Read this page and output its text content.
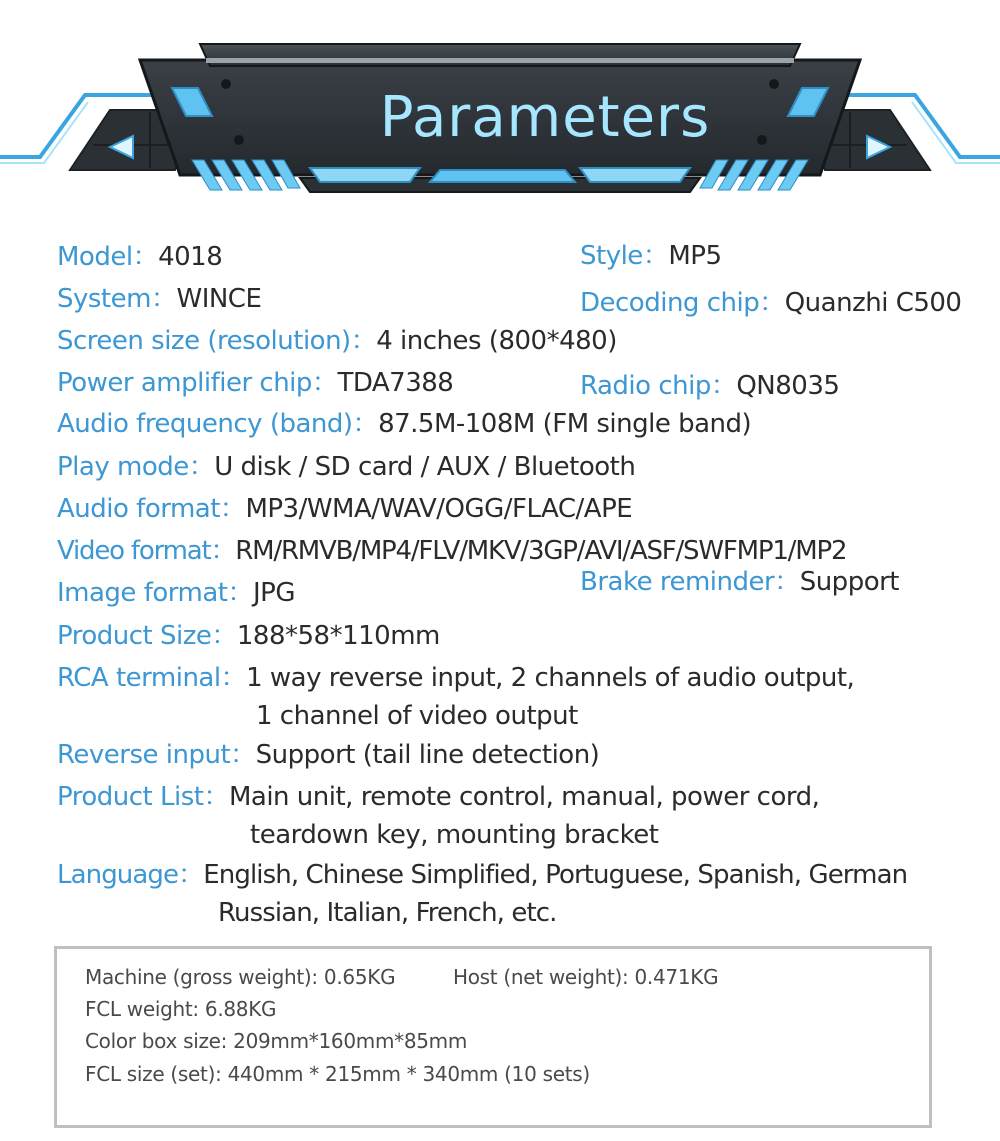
Parameters
Model：4018	Style：MP5
System：WINCE	Decoding chip：Quanzhi C500
Screen size (resolution)：4 inches (800*480)
Power amplifier chip：TDA7388	Radio chip：QN8035
Audio frequency (band)：87.5M-108M (FM single band)
Play mode：U disk / SD card / AUX / Bluetooth
Audio format：MP3/WMA/WAV/OGG/FLAC/APE
Video format：RM/RMVB/MP4/FLV/MKV/3GP/AVI/ASF/SWFMP1/MP2
Brake reminder：Support
Image format：JPG
Product Size：188*58*110mm
RCA terminal：1 way reverse input, 2 channels of audio output,
1 channel of video output
Reverse input：Support (tail line detection)
Product List：Main unit, remote control, manual, power cord,
teardown key, mounting bracket
Language：English, Chinese Simplified, Portuguese, Spanish, German
Russian, Italian, French, etc.
Machine (gross weight): 0.65KG	Host (net weight): 0.471KG
FCL weight: 6.88KG
Color box size: 209mm*160mm*85mm
FCL size (set): 440mm * 215mm * 340mm (10 sets)
